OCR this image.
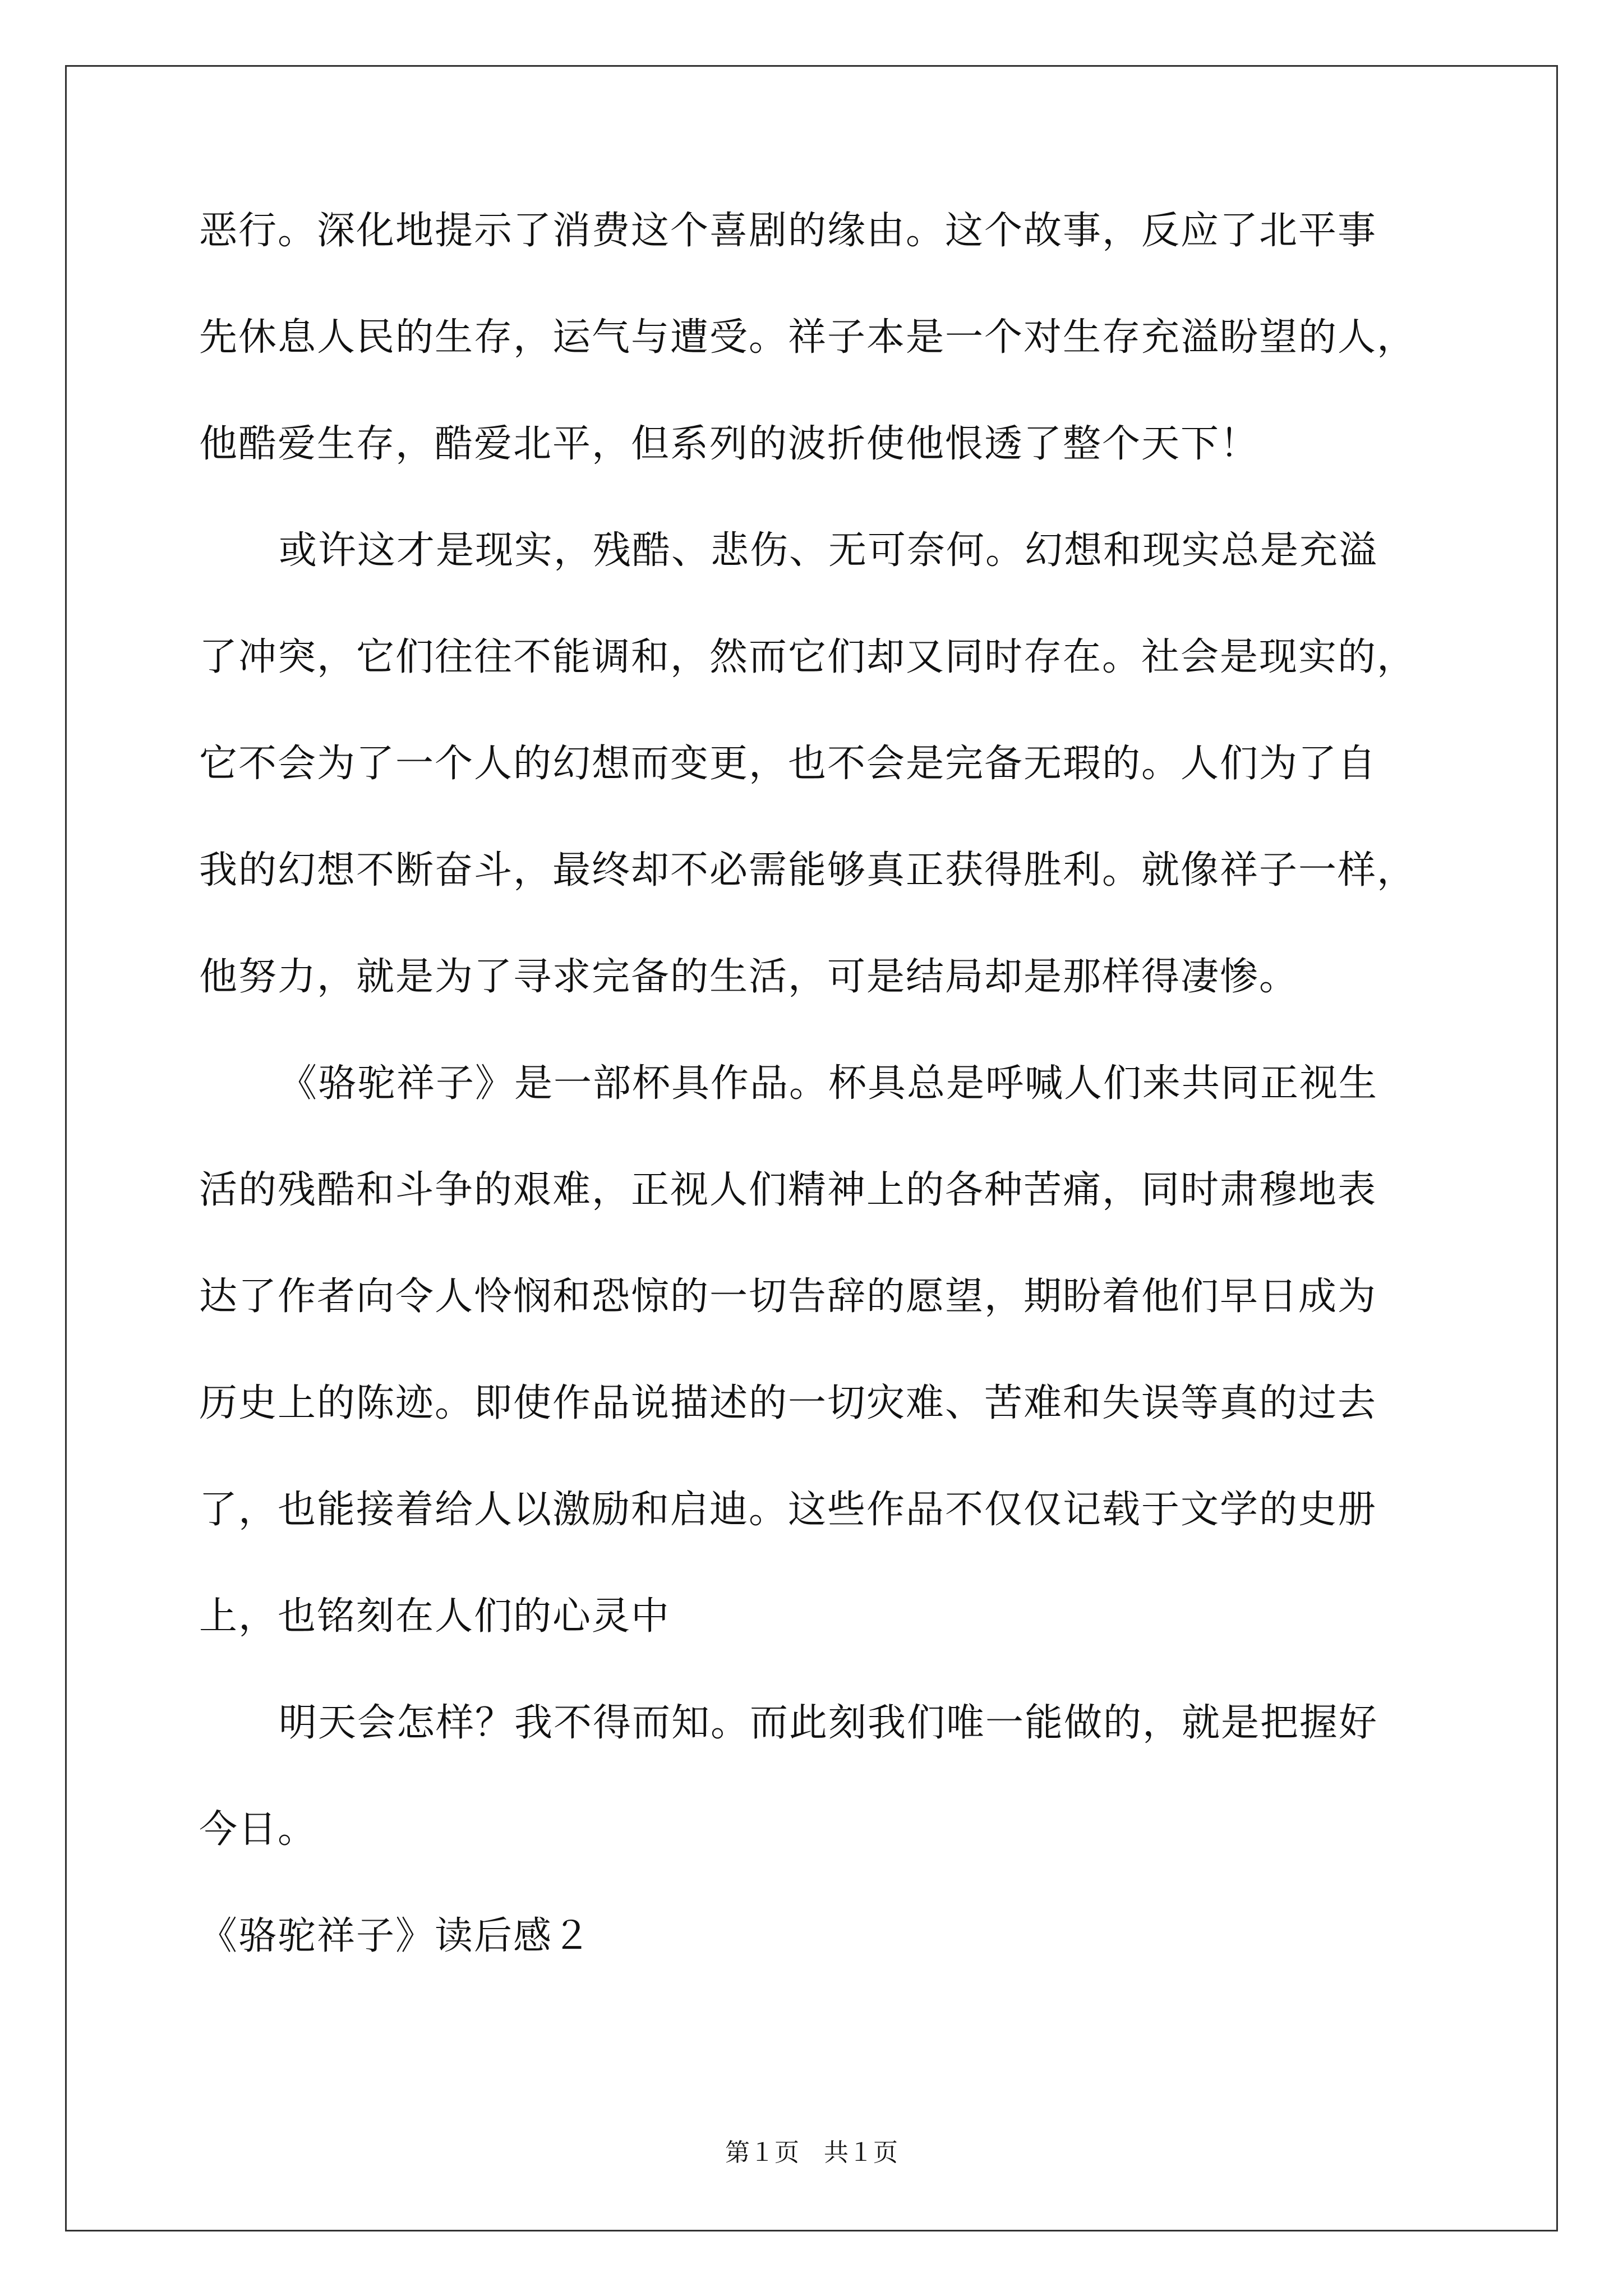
恶行。深化地提示了消费这个喜剧的缘由。这个故事，反应了北平事
先休息人民的生存，运气与遭受。祥子本是一个对生存充溢盼望的人，
他酷爱生存，酷爱北平，但系列的波折使他恨透了整个天下！
或许这才是现实，残酷、悲伤、无可奈何。幻想和现实总是充溢
了冲突，它们往往不能调和，然而它们却又同时存在。社会是现实的，
它不会为了一个人的幻想而变更，也不会是完备无瑕的。人们为了自
我的幻想不断奋斗，最终却不必需能够真正获得胜利。就像祥子一样，
他努力，就是为了寻求完备的生活，可是结局却是那样得凄惨。
《骆驼祥子》是一部杯具作品。杯具总是呼喊人们来共同正视生
活的残酷和斗争的艰难，正视人们精神上的各种苦痛，同时肃穆地表
达了作者向令人怜悯和恐惊的一切告辞的愿望，期盼着他们早日成为
历史上的陈迹。即使作品说描述的一切灾难、苦难和失误等真的过去
了，也能接着给人以激励和启迪。这些作品不仅仅记载于文学的史册
上，也铭刻在人们的心灵中
明天会怎样？我不得而知。而此刻我们唯一能做的，就是把握好
今日。
《骆驼祥子》读后感２
第１页 共１页
